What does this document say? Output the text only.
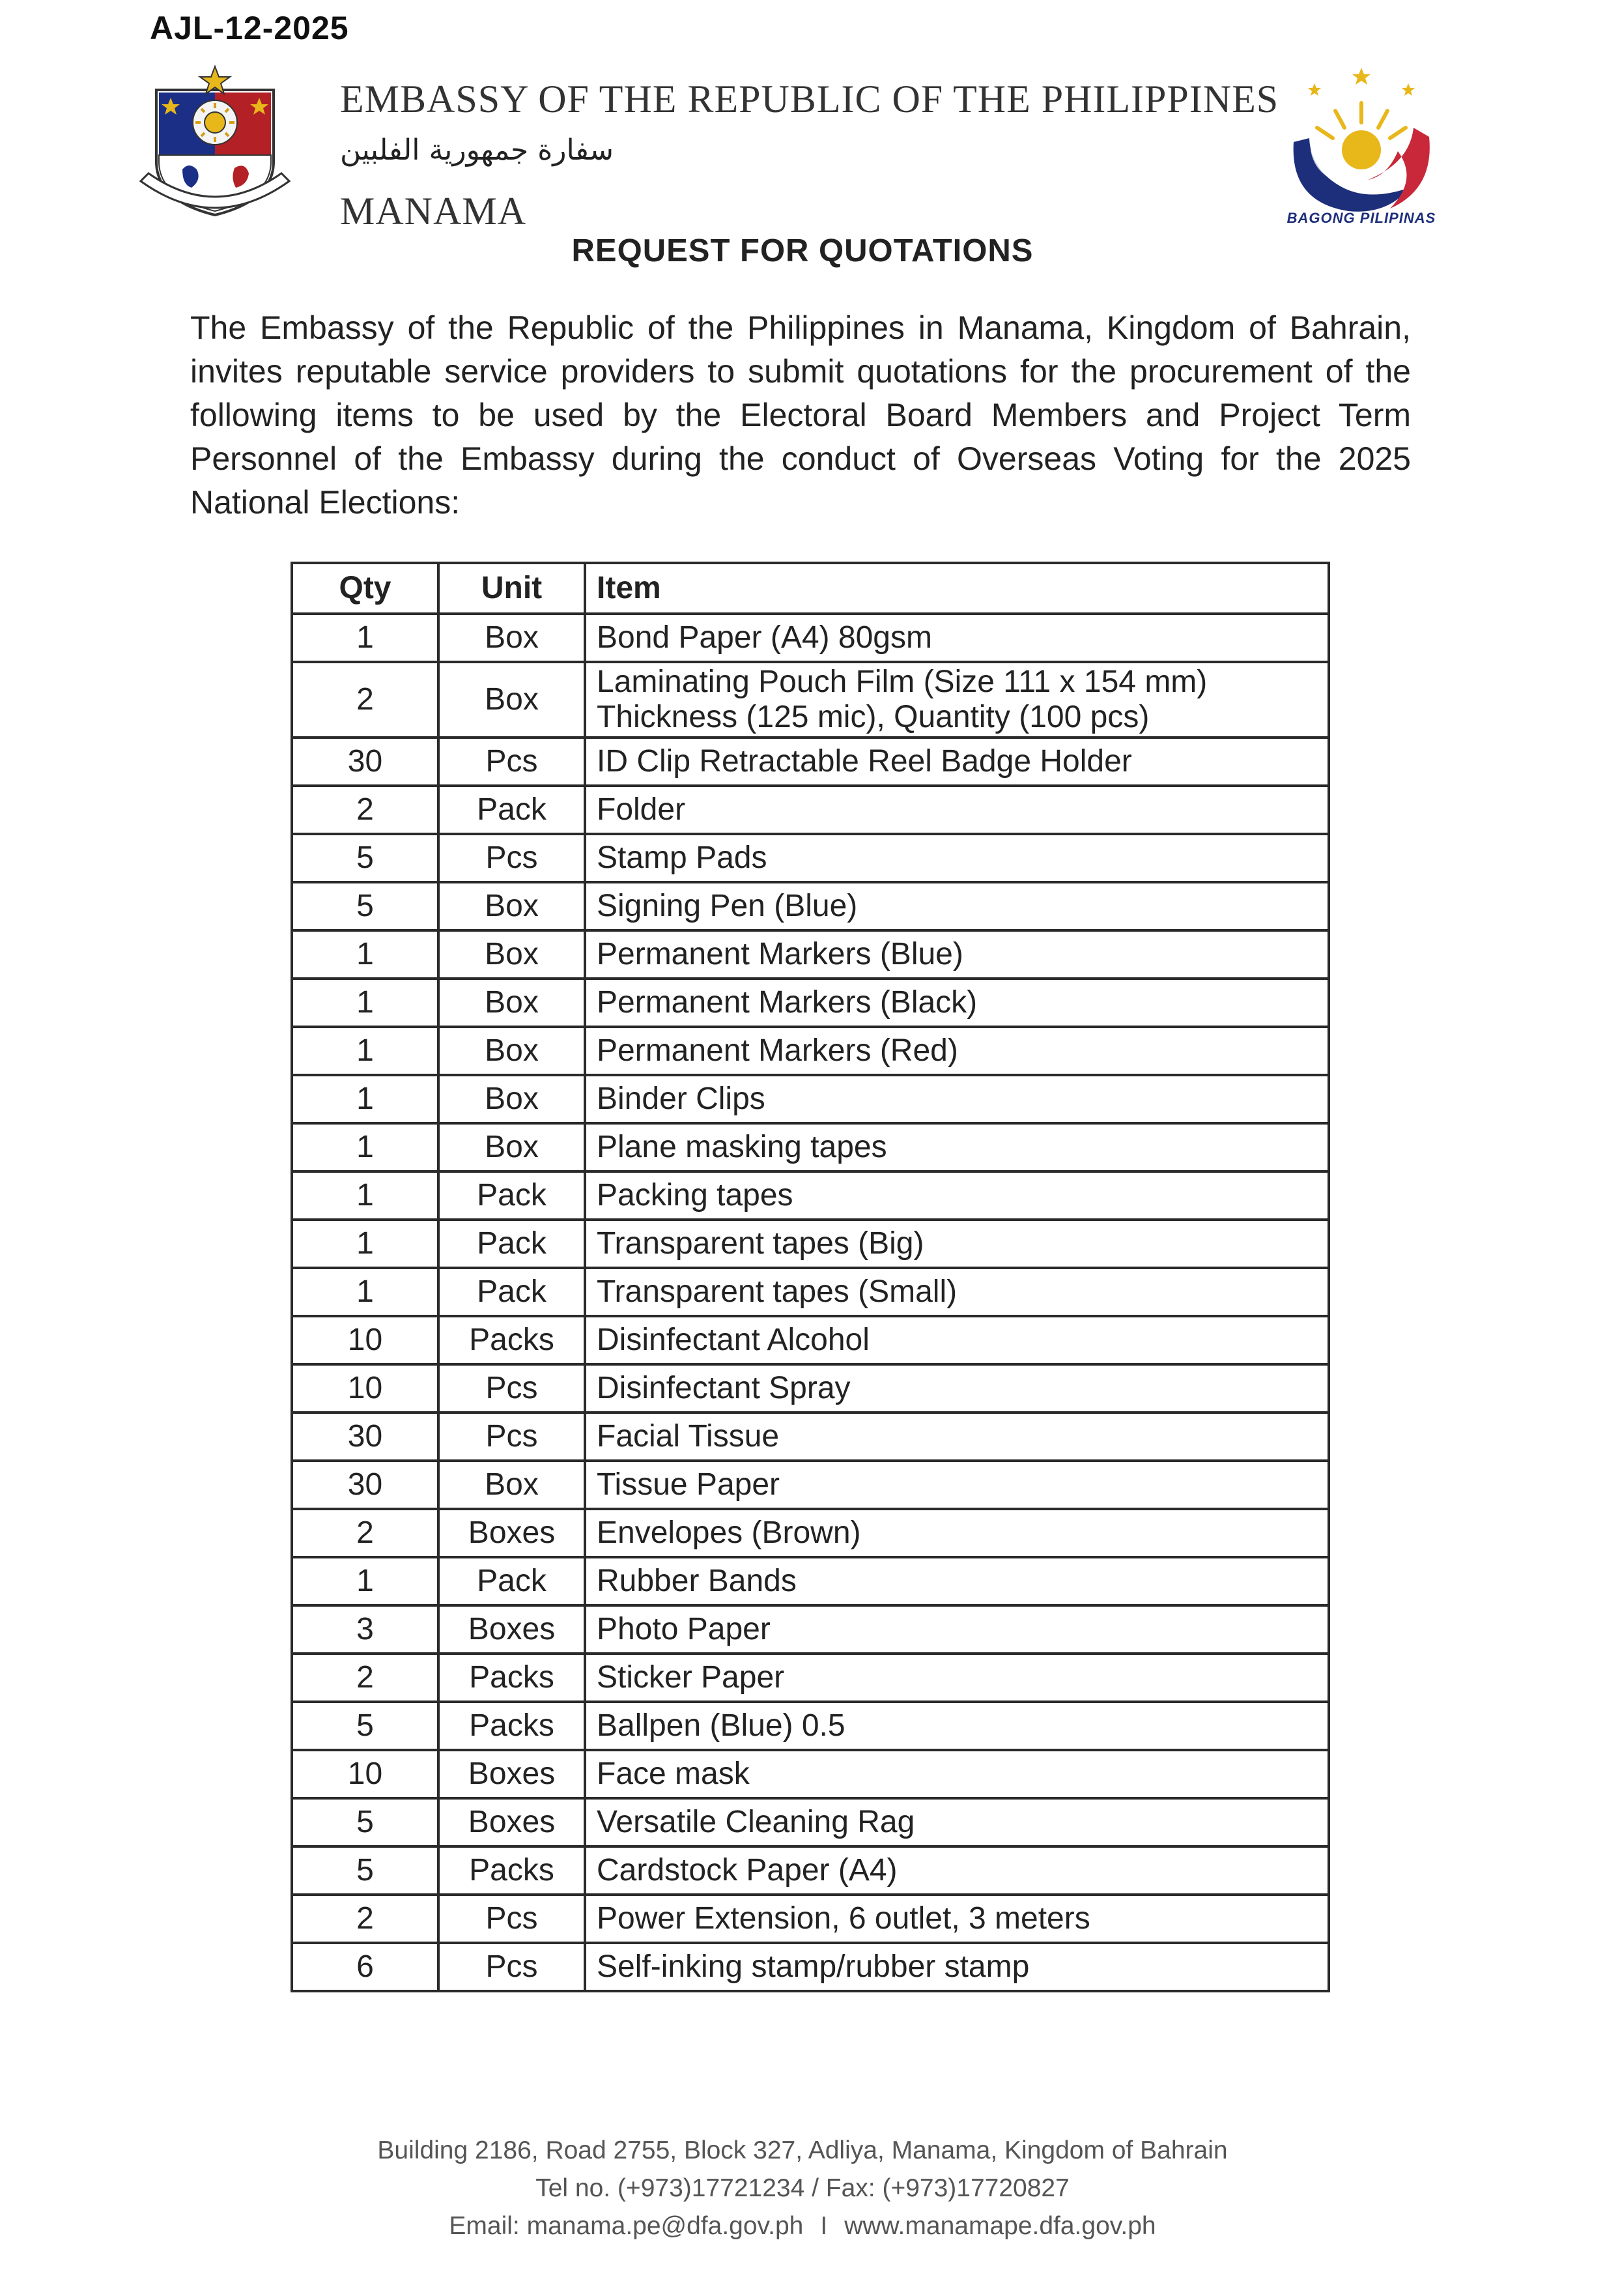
AJL-12-2025
BAGONG PILIPINAS
EMBASSY OF THE REPUBLIC OF THE PHILIPPINES
سفارة جمهورية الفلبين
MANAMA
REQUEST FOR QUOTATIONS
The Embassy of the Republic of the Philippines in Manama, Kingdom of Bahrain, invites reputable service providers to submit quotations for the procurement of the following items to be used by the Electoral Board Members and Project Term Personnel of the Embassy during the conduct of Overseas Voting for the 2025 National Elections:
Qty	Unit	Item
1	Box	Bond Paper (A4) 80gsm

2	Box	Laminating Pouch Film (Size 111 x 154 mm)
Thickness (125 mic), Quantity (100 pcs)

30	Pcs	ID Clip Retractable Reel Badge Holder

2	Pack	Folder

5	Pcs	Stamp Pads

5	Box	Signing Pen (Blue)

1	Box	Permanent Markers (Blue)

1	Box	Permanent Markers (Black)

1	Box	Permanent Markers (Red)

1	Box	Binder Clips

1	Box	Plane masking tapes

1	Pack	Packing tapes

1	Pack	Transparent tapes (Big)

1	Pack	Transparent tapes (Small)

10	Packs	Disinfectant Alcohol

10	Pcs	Disinfectant Spray

30	Pcs	Facial Tissue

30	Box	Tissue Paper

2	Boxes	Envelopes (Brown)

1	Pack	Rubber Bands

3	Boxes	Photo Paper

2	Packs	Sticker Paper

5	Packs	Ballpen (Blue) 0.5

10	Boxes	Face mask

5	Boxes	Versatile Cleaning Rag

5	Packs	Cardstock Paper (A4)

2	Pcs	Power Extension, 6 outlet, 3 meters

6	Pcs	Self-inking stamp/rubber stamp
Building 2186, Road 2755, Block 327, Adliya, Manama, Kingdom of Bahrain
Tel no. (+973)17721234 / Fax: (+973)17720827
Email: manama.pe@dfa.gov.ph I www.manamape.dfa.gov.ph
